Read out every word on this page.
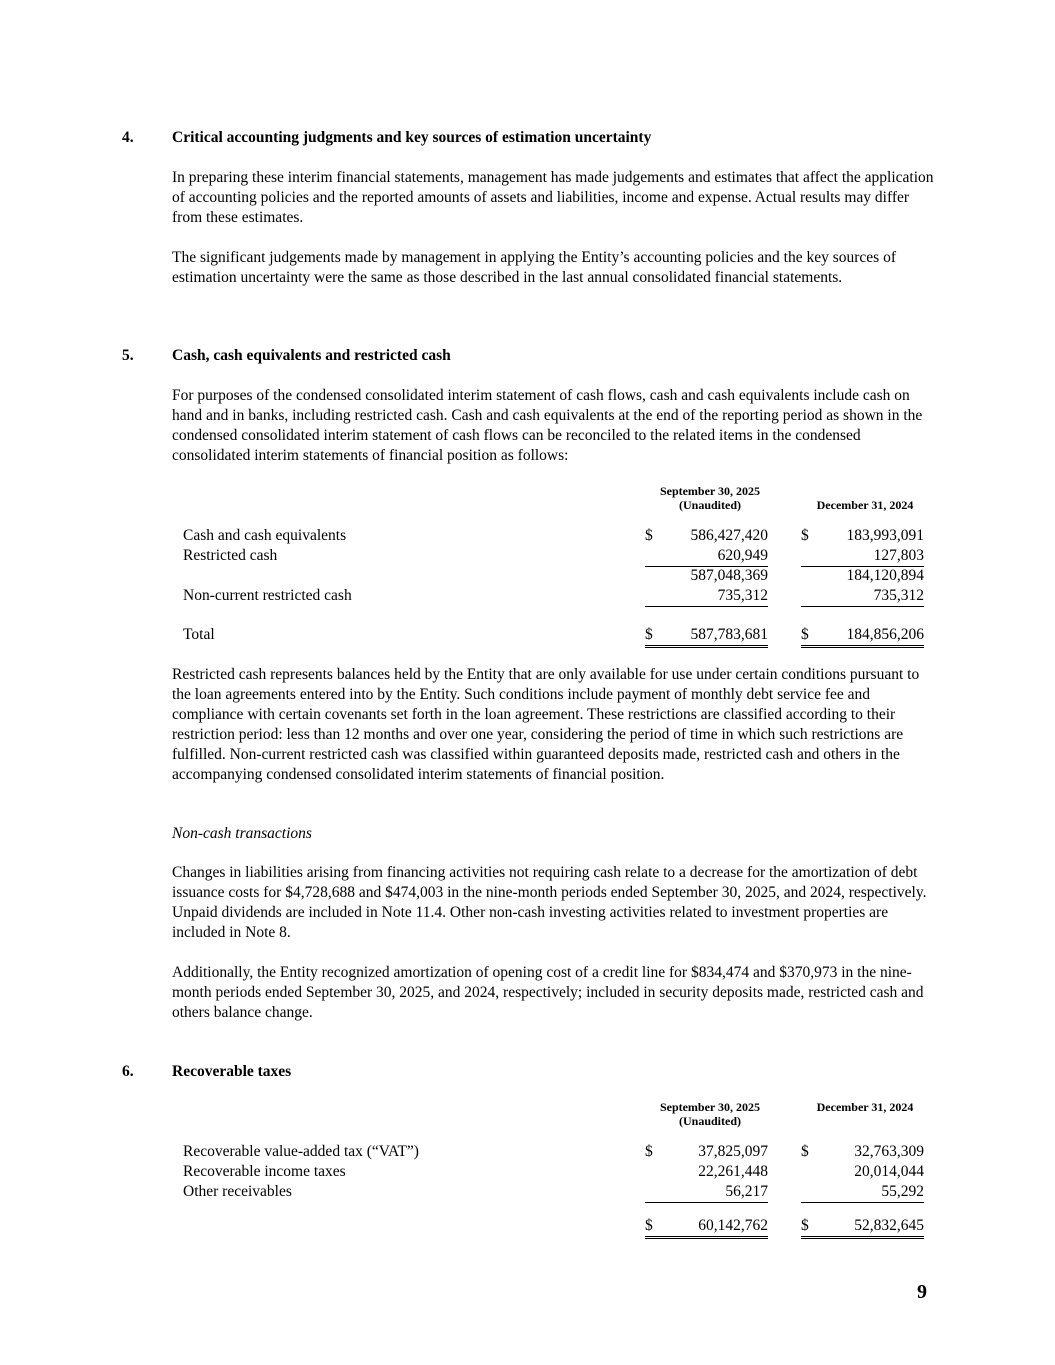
4. Critical accounting judgments and key sources of estimation uncertainty

In preparing these interim financial statements, management has made judgements and estimates that affect the application of accounting policies and the reported amounts of assets and liabilities, income and expense. Actual results may differ from these estimates.

The significant judgements made by management in applying the Entity’s accounting policies and the key sources of estimation uncertainty were the same as those described in the last annual consolidated financial statements.

5. Cash, cash equivalents and restricted cash

For purposes of the condensed consolidated interim statement of cash flows, cash and cash equivalents include cash on hand and in banks, including restricted cash. Cash and cash equivalents at the end of the reporting period as shown in the condensed consolidated interim statement of cash flows can be reconciled to the related items in the condensed consolidated interim statements of financial position as follows:

September 30, 2025
(Unaudited)	December 31, 2024
Cash and cash equivalents	$ 586,427,420 $ 183,993,091
Restricted cash	620,949	127,803
587,048,369	184,120,894
Non-current restricted cash	735,312	735,312
Total	$ 587,783,681 $ 184,856,206

Restricted cash represents balances held by the Entity that are only available for use under certain conditions pursuant to the loan agreements entered into by the Entity. Such conditions include payment of monthly debt service fee and compliance with certain covenants set forth in the loan agreement. These restrictions are classified according to their restriction period: less than 12 months and over one year, considering the period of time in which such restrictions are fulfilled. Non-current restricted cash was classified within guaranteed deposits made, restricted cash and others in the accompanying condensed consolidated interim statements of financial position.

Non-cash transactions

Changes in liabilities arising from financing activities not requiring cash relate to a decrease for the amortization of debt issuance costs for $4,728,688 and $474,003 in the nine-month periods ended September 30, 2025, and 2024, respectively. Unpaid dividends are included in Note 11.4. Other non-cash investing activities related to investment properties are included in Note 8.

Additionally, the Entity recognized amortization of opening cost of a credit line for $834,474 and $370,973 in the nine-month periods ended September 30, 2025, and 2024, respectively; included in security deposits made, restricted cash and others balance change.

6. Recoverable taxes
September 30, 2025
(Unaudited)
December 31, 2024
Recoverable value-added tax (“VAT”)	$	37,825,097 $	32,763,309
Recoverable income taxes	22,261,448	20,014,044
Other receivables	56,217	55,292
$	60,142,762 $	52,832,645
9
